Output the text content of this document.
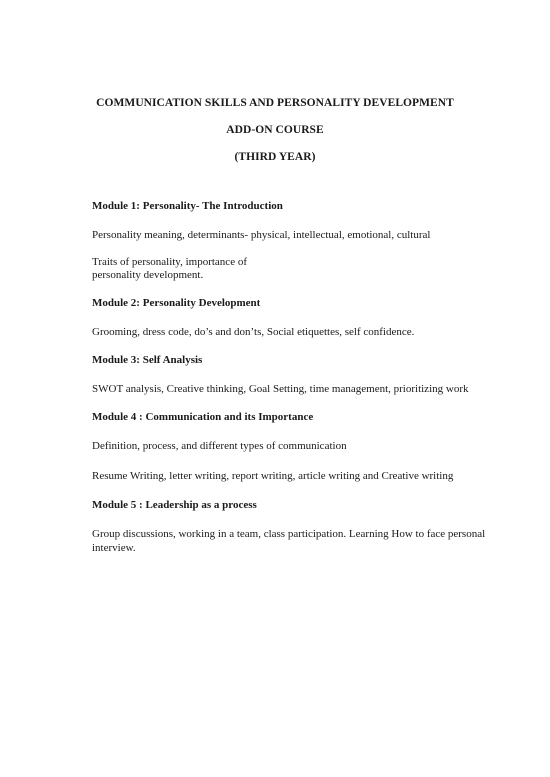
COMMUNICATION SKILLS AND PERSONALITY DEVELOPMENT
ADD-ON COURSE
(THIRD YEAR)
Module 1: Personality- The Introduction
Personality meaning, determinants- physical, intellectual, emotional, cultural
Traits of personality, importance of
personality development.
Module 2: Personality Development
Grooming, dress code, do’s and don’ts, Social etiquettes, self confidence.
Module 3: Self Analysis
SWOT analysis, Creative thinking, Goal Setting, time management, prioritizing work
Module 4 : Communication and its Importance
Definition, process, and different types of communication
Resume Writing, letter writing, report writing, article writing and Creative writing
Module 5 : Leadership as a process
Group discussions, working in a team, class participation. Learning How to face personal
interview.
